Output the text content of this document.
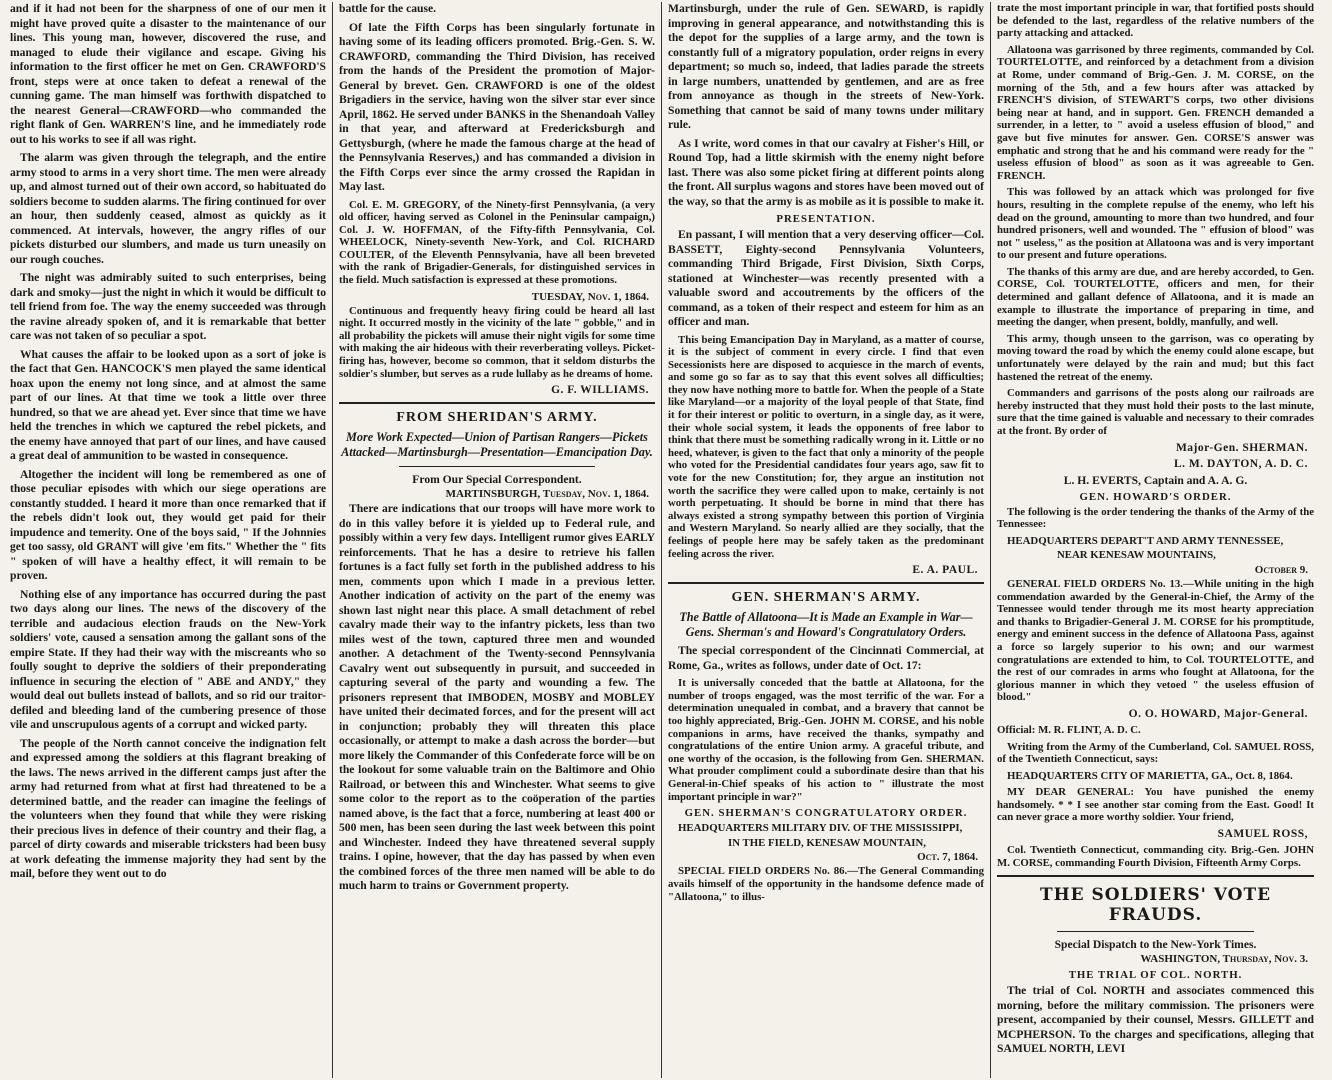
and if it had not been for the sharpness of one of our men it might have proved quite a disaster to the maintenance of our lines. This young man, however, discovered the ruse, and managed to elude their vigilance and escape. Giving his information to the first officer he met on Gen. CRAWFORD'S front, steps were at once taken to defeat a renewal of the cunning game. The man himself was forthwith dispatched to the nearest General—CRAWFORD—who commanded the right flank of Gen. WARREN'S line, and he immediately rode out to his works to see if all was right.

The alarm was given through the telegraph, and the entire army stood to arms in a very short time. The men were already up, and almost turned out of their own accord, so habituated do soldiers become to sudden alarms. The firing continued for over an hour, then suddenly ceased, almost as quickly as it commenced. At intervals, however, the angry rifles of our pickets disturbed our slumbers, and made us turn uneasily on our rough couches.

The night was admirably suited to such enterprises, being dark and smoky—just the night in which it would be difficult to tell friend from foe. The way the enemy succeeded was through the ravine already spoken of, and it is remarkable that better care was not taken of so peculiar a spot.

What causes the affair to be looked upon as a sort of joke is the fact that Gen. HANCOCK'S men played the same identical hoax upon the enemy not long since, and at almost the same part of our lines. At that time we took a little over three hundred, so that we are ahead yet. Ever since that time we have held the trenches in which we captured the rebel pickets, and the enemy have annoyed that part of our lines, and have caused a great deal of ammunition to be wasted in consequence.

Altogether the incident will long be remembered as one of those peculiar episodes with which our siege operations are constantly studded. I heard it more than once remarked that if the rebels didn't look out, they would get paid for their impudence and temerity. One of the boys said, " If the Johnnies get too sassy, old GRANT will give 'em fits." Whether the " fits " spoken of will have a healthy effect, it will remain to be proven.

Nothing else of any importance has occurred during the past two days along our lines. The news of the discovery of the terrible and audacious election frauds on the New-York soldiers' vote, caused a sensation among the gallant sons of the empire State. If they had their way with the miscreants who so foully sought to deprive the soldiers of their preponderating influence in securing the election of " ABE and ANDY," they would deal out bullets instead of ballots, and so rid our traitor-defiled and bleeding land of the cumbering presence of those vile and unscrupulous agents of a corrupt and wicked party.

The people of the North cannot conceive the indignation felt and expressed among the soldiers at this flagrant breaking of the laws. The news arrived in the different camps just after the army had returned from what at first had threatened to be a determined battle, and the reader can imagine the feelings of the volunteers when they found that while they were risking their precious lives in defence of their country and their flag, a parcel of dirty cowards and miserable tricksters had been busy at work defeating the immense majority they had sent by the mail, before they went out to do

battle for the cause.

Of late the Fifth Corps has been singularly fortunate in having some of its leading officers promoted. Brig.-Gen. S. W. CRAWFORD, commanding the Third Division, has received from the hands of the President the promotion of Major-General by brevet. Gen. CRAWFORD is one of the oldest Brigadiers in the service, having won the silver star ever since April, 1862. He served under BANKS in the Shenandoah Valley in that year, and afterward at Fredericksburgh and Gettysburgh, (where he made the famous charge at the head of the Pennsylvania Reserves,) and has commanded a division in the Fifth Corps ever since the army crossed the Rapidan in May last.

Col. E. M. GREGORY, of the Ninety-first Pennsylvania, (a very old officer, having served as Colonel in the Peninsular campaign,) Col. J. W. HOFFMAN, of the Fifty-fifth Pennsylvania, Col. WHEELOCK, Ninety-seventh New-York, and Col. RICHARD COULTER, of the Eleventh Pennsylvania, have all been breveted with the rank of Brigadier-Generals, for distinguished services in the field. Much satisfaction is expressed at these promotions.

TUESDAY, Nov. 1, 1864.

Continuous and frequently heavy firing could be heard all last night. It occurred mostly in the vicinity of the late " gobble," and in all probability the pickets will amuse their night vigils for some time with making the air hideous with their reverberating volleys. Picket-firing has, however, become so common, that it seldom disturbs the soldier's slumber, but serves as a rude lullaby as he dreams of home.

G. F. WILLIAMS.
FROM SHERIDAN'S ARMY.
More Work Expected—Union of Partisan Rangers—Pickets Attacked—Martinsburgh—Presentation—Emancipation Day.
From Our Special Correspondent.
MARTINSBURGH, Tuesday, Nov. 1, 1864.

There are indications that our troops will have more work to do in this valley before it is yielded up to Federal rule, and possibly within a very few days. Intelligent rumor gives EARLY reinforcements. That he has a desire to retrieve his fallen fortunes is a fact fully set forth in the published address to his men, comments upon which I made in a previous letter. Another indication of activity on the part of the enemy was shown last night near this place. A small detachment of rebel cavalry made their way to the infantry pickets, less than two miles west of the town, captured three men and wounded another. A detachment of the Twenty-second Pennsylvania Cavalry went out subsequently in pursuit, and succeeded in capturing several of the party and wounding a few. The prisoners represent that IMBODEN, MOSBY and MOBLEY have united their decimated forces, and for the present will act in conjunction; probably they will threaten this place occasionally, or attempt to make a dash across the border—but more likely the Commander of this Confederate force will be on the lookout for some valuable train on the Baltimore and Ohio Railroad, or between this and Winchester. What seems to give some color to the report as to the coöperation of the parties named above, is the fact that a force, numbering at least 400 or 500 men, has been seen during the last week between this point and Winchester. Indeed they have threatened several supply trains. I opine, however, that the day has passed by when even the combined forces of the three men named will be able to do much harm to trains or Government property.

Martinsburgh, under the rule of Gen. SEWARD, is rapidly improving in general appearance, and notwithstanding this is the depot for the supplies of a large army, and the town is constantly full of a migratory population, order reigns in every department; so much so, indeed, that ladies parade the streets in large numbers, unattended by gentlemen, and are as free from annoyance as though in the streets of New-York. Something that cannot be said of many towns under military rule.

As I write, word comes in that our cavalry at Fisher's Hill, or Round Top, had a little skirmish with the enemy night before last. There was also some picket firing at different points along the front. All surplus wagons and stores have been moved out of the way, so that the army is as mobile as it is possible to make it.

PRESENTATION.

En passant, I will mention that a very deserving officer—Col. BASSETT, Eighty-second Pennsylvania Volunteers, commanding Third Brigade, First Division, Sixth Corps, stationed at Winchester—was recently presented with a valuable sword and accoutrements by the officers of the command, as a token of their respect and esteem for him as an officer and man.

This being Emancipation Day in Maryland, as a matter of course, it is the subject of comment in every circle. I find that even Secessionists here are disposed to acquiesce in the march of events, and some go so far as to say that this event solves all difficulties; they now have nothing more to battle for. When the people of a State like Maryland—or a majority of the loyal people of that State, find it for their interest or politic to overturn, in a single day, as it were, their whole social system, it leads the opponents of free labor to think that there must be something radically wrong in it. Little or no heed, whatever, is given to the fact that only a minority of the people who voted for the Presidential candidates four years ago, saw fit to vote for the new Constitution; for, they argue an institution not worth the sacrifice they were called upon to make, certainly is not worth perpetuating. It should be borne in mind that there has always existed a strong sympathy between this portion of Virginia and Western Maryland. So nearly allied are they socially, that the feelings of people here may be safely taken as the predominant feeling across the river.

E. A. PAUL.
GEN. SHERMAN'S ARMY.
The Battle of Allatoona—It is Made an Example in War—Gens. Sherman's and Howard's Congratulatory Orders.

The special correspondent of the Cincinnati Commercial, at Rome, Ga., writes as follows, under date of Oct. 17:

It is universally conceded that the battle at Allatoona, for the number of troops engaged, was the most terrific of the war. For a determination unequaled in combat, and a bravery that cannot be too highly appreciated, Brig.-Gen. JOHN M. CORSE, and his noble companions in arms, have received the thanks, sympathy and congratulations of the entire Union army. A graceful tribute, and one worthy of the occasion, is the following from Gen. SHERMAN. What prouder compliment could a subordinate desire than that his General-in-Chief speaks of his action to " illustrate the most important principle in war?"

GEN. SHERMAN'S CONGRATULATORY ORDER.
HEADQUARTERS MILITARY DIV. OF THE MISSISSIPPI,
IN THE FIELD, KENESAW MOUNTAIN,
Oct. 7, 1864.

SPECIAL FIELD ORDERS No. 86.—The General Commanding avails himself of the opportunity in the handsome defence made of "Allatoona," to illus-

trate the most important principle in war, that fortified posts should be defended to the last, regardless of the relative numbers of the party attacking and attacked.

Allatoona was garrisoned by three regiments, commanded by Col. TOURTELOTTE, and reinforced by a detachment from a division at Rome, under command of Brig.-Gen. J. M. CORSE, on the morning of the 5th, and a few hours after was attacked by FRENCH'S division, of STEWART'S corps, two other divisions being near at hand, and in support. Gen. FRENCH demanded a surrender, in a letter, to " avoid a useless effusion of blood," and gave but five minutes for answer. Gen. CORSE'S answer was emphatic and strong that he and his command were ready for the " useless effusion of blood" as soon as it was agreeable to Gen. FRENCH.

This was followed by an attack which was prolonged for five hours, resulting in the complete repulse of the enemy, who left his dead on the ground, amounting to more than two hundred, and four hundred prisoners, well and wounded. The " effusion of blood" was not " useless," as the position at Allatoona was and is very important to our present and future operations.

The thanks of this army are due, and are hereby accorded, to Gen. CORSE, Col. TOURTELOTTE, officers and men, for their determined and gallant defence of Allatoona, and it is made an example to illustrate the importance of preparing in time, and meeting the danger, when present, boldly, manfully, and well.

This army, though unseen to the garrison, was co operating by moving toward the road by which the enemy could alone escape, but unfortunately were delayed by the rain and mud; but this fact hastened the retreat of the enemy.

Commanders and garrisons of the posts along our railroads are hereby instructed that they must hold their posts to the last minute, sure that the time gained is valuable and necessary to their comrades at the front. By order of

Major-Gen. SHERMAN.
L. M. DAYTON, A. D. C.
L. H. EVERTS, Captain and A. A. G.
GEN. HOWARD'S ORDER.

The following is the order tendering the thanks of the Army of the Tennessee:

HEADQUARTERS DEPART'T AND ARMY TENNESSEE,
NEAR KENESAW MOUNTAINS,
October 9.

GENERAL FIELD ORDERS No. 13.—While uniting in the high commendation awarded by the General-in-Chief, the Army of the Tennessee would tender through me its most hearty appreciation and thanks to Brigadier-General J. M. CORSE for his promptitude, energy and eminent success in the defence of Allatoona Pass, against a force so largely superior to his own; and our warmest congratulations are extended to him, to Col. TOURTELOTTE, and the rest of our comrades in arms who fought at Allatoona, for the glorious manner in which they vetoed " the useless effusion of blood."

O. O. HOWARD, Major-General.

Official: M. R. FLINT, A. D. C.

Writing from the Army of the Cumberland, Col. SAMUEL ROSS, of the Twentieth Connecticut, says:

HEADQUARTERS CITY OF MARIETTA, GA., Oct. 8, 1864.

MY DEAR GENERAL: You have punished the enemy handsomely. * * I see another star coming from the East. Good! It can never grace a more worthy soldier. Your friend,

SAMUEL ROSS,

Col. Twentieth Connecticut, commanding city. Brig.-Gen. JOHN M. CORSE, commanding Fourth Division, Fifteenth Army Corps.

THE SOLDIERS' VOTE FRAUDS.
Special Dispatch to the New-York Times.
WASHINGTON, Thursday, Nov. 3.
THE TRIAL OF COL. NORTH.

The trial of Col. NORTH and associates commenced this morning, before the military commission. The prisoners were present, accompanied by their counsel, Messrs. GILLETT and MCPHERSON. To the charges and specifications, alleging that SAMUEL NORTH, LEVI
